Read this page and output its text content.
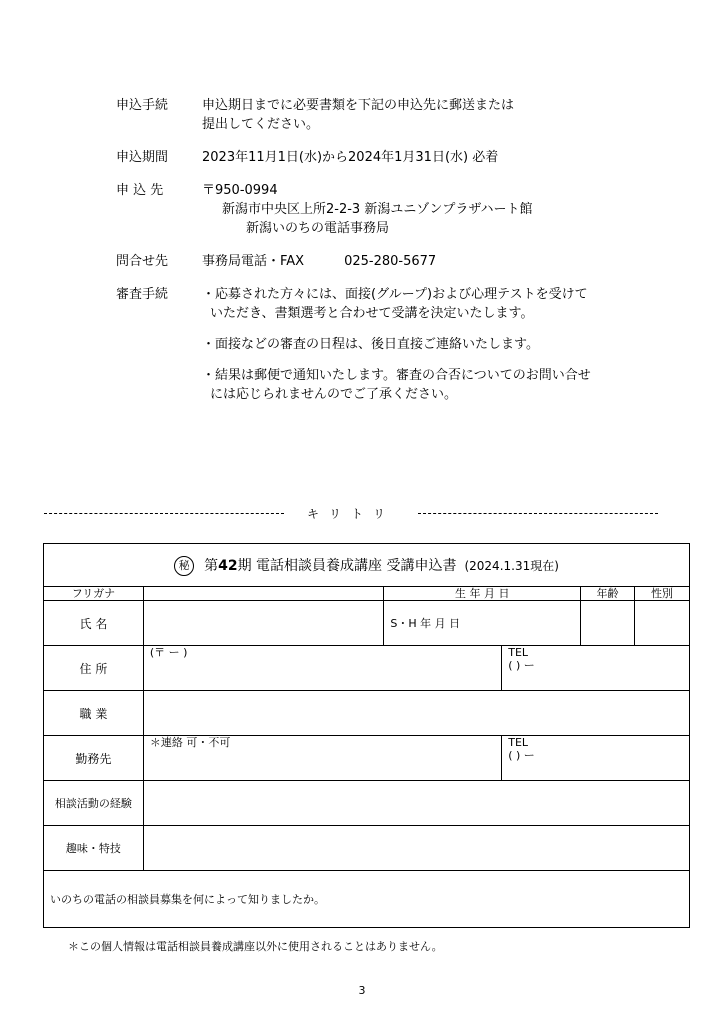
申込手続	申込期日までに必要書類を下記の申込先に郵送または
提出してください。
申込期間	2023年11月1日(水)から2024年1月31日(水) 必着
申 込 先	〒950-0994
新潟市中央区上所2-2-3 新潟ユニゾンプラザハート館
新潟いのちの電話事務局
問合せ先	事務局電話・FAX	025-280-5677
審査手続	・応募された方々には、面接(グループ)および心理テストを受けて
いただき、書類選考と合わせて受講を決定いたします。
・面接などの審査の日程は、後日直接ご連絡いたします。
・結果は郵便で通知いたします。審査の合否についてのお問い合せ
には応じられませんのでご了承ください。
キリトリ
秘 第42期 電話相談員養成講座 受講申込書 (2024.1.31現在)					
フリガナ		生 年 月 日		年齢	性別
氏 名		S・H 年 月 日			
住 所	(〒 ー )		TEL
( ) ー		

職 業					
勤務先	＊連絡 可・不可		TEL
( ) ー		

相談活動の経験					
趣味・特技					
いのちの電話の相談員募集を何によって知りましたか。					
＊この個人情報は電話相談員養成講座以外に使用されることはありません。
3
